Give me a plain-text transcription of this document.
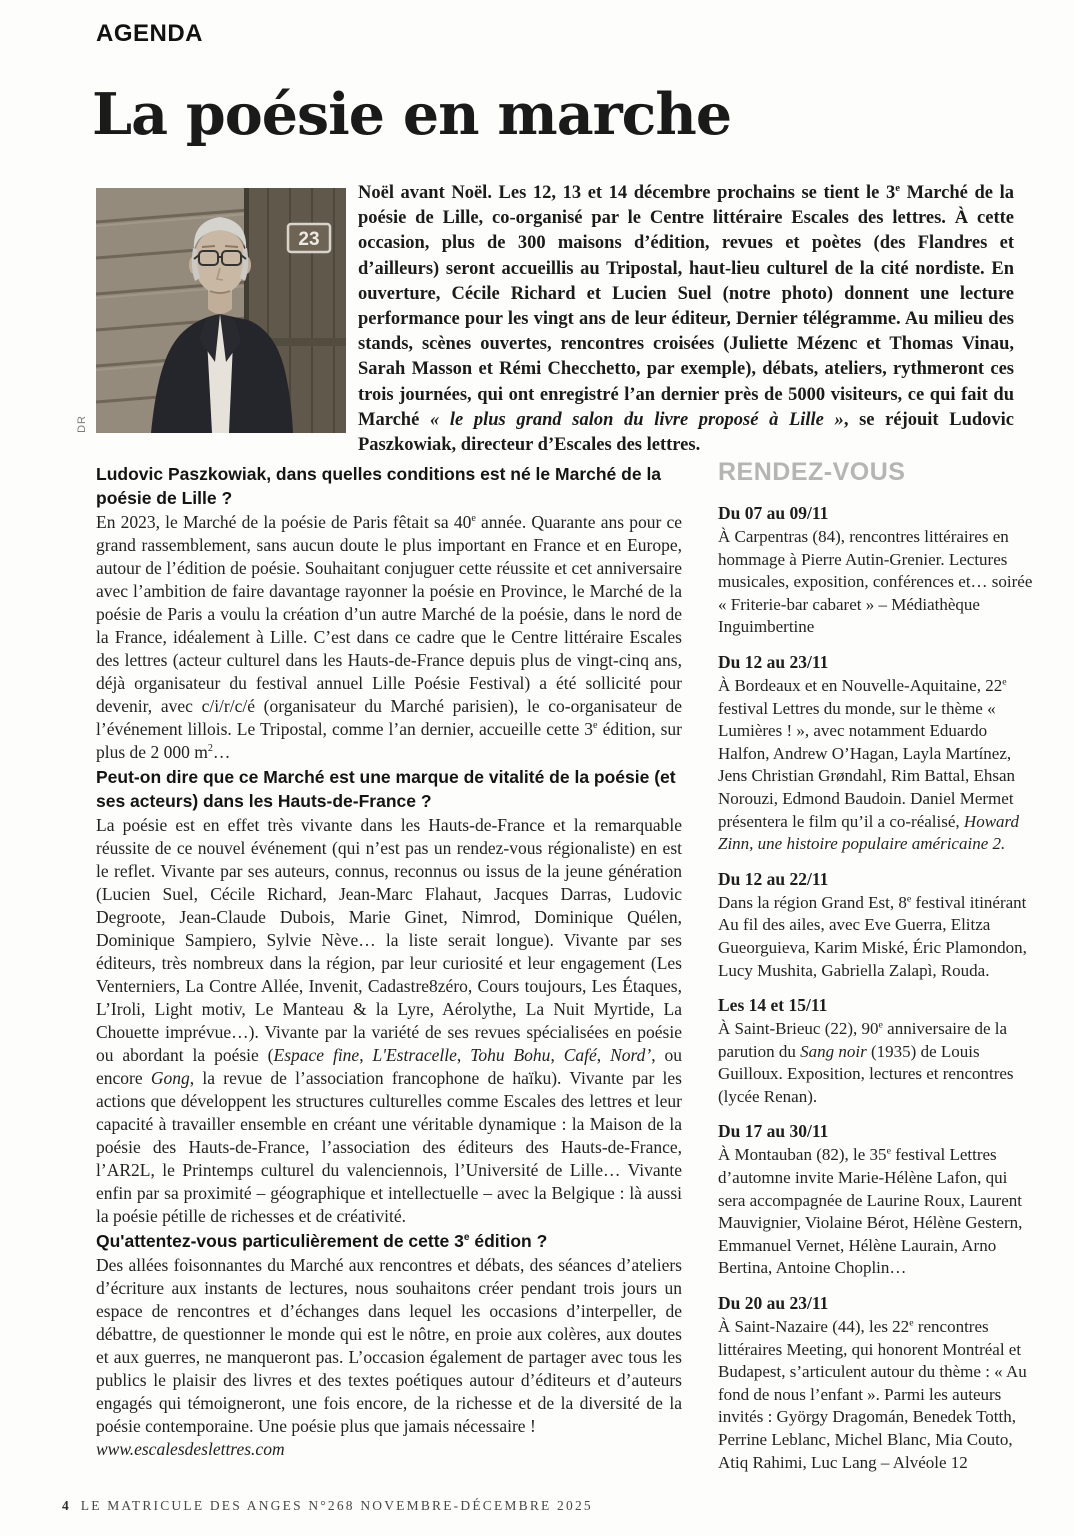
AGENDA
La poésie en marche
DR
23

Noël avant Noël. Les 12, 13 et 14 décembre prochains se tient le 3e Marché de la poésie de Lille, co-organisé par le Centre littéraire Escales des lettres. À cette occasion, plus de 300 maisons d’édition, revues et poètes (des Flandres et d’ailleurs) seront accueillis au Tripostal, haut-lieu culturel de la cité nordiste. En ouverture, Cécile Richard et Lucien Suel (notre photo) donnent une lecture performance pour les vingt ans de leur éditeur, Dernier télégramme. Au milieu des stands, scènes ouvertes, rencontres croisées (Juliette Mézenc et Thomas Vinau, Sarah Masson et Rémi Checchetto, par exemple), débats, ateliers, rythmeront ces trois journées, qui ont enregistré l’an dernier près de 5000 visiteurs, ce qui fait du Marché « le plus grand salon du livre proposé à Lille », se réjouit Ludovic Paszkowiak, directeur d’Escales des lettres.

Ludovic Paszkowiak, dans quelles conditions est né le Marché de la poésie de Lille ?

En 2023, le Marché de la poésie de Paris fêtait sa 40e année. Quarante ans pour ce grand rassemblement, sans aucun doute le plus important en France et en Europe, autour de l’édition de poésie. Souhaitant conjuguer cette réussite et cet anniversaire avec l’ambition de faire davantage rayonner la poésie en Province, le Marché de la poésie de Paris a voulu la création d’un autre Marché de la poésie, dans le nord de la France, idéalement à Lille. C’est dans ce cadre que le Centre littéraire Escales des lettres (acteur culturel dans les Hauts-de-France depuis plus de vingt-cinq ans, déjà organisateur du festival annuel Lille Poésie Festival) a été sollicité pour devenir, avec c/i/r/c/é (organisateur du Marché parisien), le co-organisateur de l’événement lillois. Le Tripostal, comme l’an dernier, accueille cette 3e édition, sur plus de 2 000 $m^2\dots$

Peut-on dire que ce Marché est une marque de vitalité de la poésie (et ses acteurs) dans les Hauts-de-France ?

La poésie est en effet très vivante dans les Hauts-de-France et la remarquable réussite de ce nouvel événement (qui n’est pas un rendez-vous régionaliste) en est le reflet. Vivante par ses auteurs, connus, reconnus ou issus de la jeune génération (Lucien Suel, Cécile Richard, Jean-Marc Flahaut, Jacques Darras, Ludovic Degroote, Jean-Claude Dubois, Marie Ginet, Nimrod, Dominique Quélen, Dominique Sampiero, Sylvie Nève… la liste serait longue). Vivante par ses éditeurs, très nombreux dans la région, par leur curiosité et leur engagement (Les Venterniers, La Contre Allée, Invenit, Cadastre8zéro, Cours toujours, Les Étaques, L’Iroli, Light motiv, Le Manteau & la Lyre, Aérolythe, La Nuit Myrtide, La Chouette imprévue…). Vivante par la variété de ses revues spécialisées en poésie ou abordant la poésie (Espace fine, L'Estracelle, Tohu Bohu, Café, Nord’, ou encore Gong, la revue de l’association francophone de haïku). Vivante par les actions que développent les structures culturelles comme Escales des lettres et leur capacité à travailler ensemble en créant une véritable dynamique : la Maison de la poésie des Hauts-de-France, l’association des éditeurs des Hauts-de-France, l’AR2L, le Printemps culturel du valenciennois, l’Université de Lille… Vivante enfin par sa proximité – géographique et intellectuelle – avec la Belgique : là aussi la poésie pétille de richesses et de créativité.

Qu'attentez-vous particulièrement de cette 3e édition ?

Des allées foisonnantes du Marché aux rencontres et débats, des séances d’ateliers d’écriture aux instants de lectures, nous souhaitons créer pendant trois jours un espace de rencontres et d’échanges dans lequel les occasions d’interpeller, de débattre, de questionner le monde qui est le nôtre, en proie aux colères, aux doutes et aux guerres, ne manqueront pas. L’occasion également de partager avec tous les publics le plaisir des livres et des textes poétiques autour d’éditeurs et d’auteurs engagés qui témoigneront, une fois encore, de la richesse et de la diversité de la poésie contemporaine. Une poésie plus que jamais nécessaire !

www.escalesdeslettres.com

RENDEZ-VOUS
Du 07 au 09/11

À Carpentras (84), rencontres littéraires en hommage à Pierre Autin-Grenier. Lectures musicales, exposition, conférences et… soirée « Friterie-bar cabaret » – Médiathèque Inguimbertine

Du 12 au 23/11

À Bordeaux et en Nouvelle-Aquitaine, 22e festival Lettres du monde, sur le thème « Lumières ! », avec notamment Eduardo Halfon, Andrew O’Hagan, Layla Martínez, Jens Christian Grøndahl, Rim Battal, Ehsan Norouzi, Edmond Baudoin. Daniel Mermet présentera le film qu’il a co-réalisé, Howard Zinn, une histoire populaire américaine 2.

Du 12 au 22/11

Dans la région Grand Est, 8e festival itinérant Au fil des ailes, avec Eve Guerra, Elitza Gueorguieva, Karim Miské, Éric Plamondon, Lucy Mushita, Gabriella Zalapì, Rouda.

Les 14 et 15/11

À Saint-Brieuc (22), 90e anniversaire de la parution du Sang noir (1935) de Louis Guilloux. Exposition, lectures et rencontres (lycée Renan).

Du 17 au 30/11

À Montauban (82), le 35e festival Lettres d’automne invite Marie-Hélène Lafon, qui sera accompagnée de Laurine Roux, Laurent Mauvignier, Violaine Bérot, Hélène Gestern, Emmanuel Vernet, Hélène Laurain, Arno Bertina, Antoine Choplin…

Du 20 au 23/11

À Saint-Nazaire (44), les 22e rencontres littéraires Meeting, qui honorent Montréal et Budapest, s’articulent autour du thème : « Au fond de nous l’enfant ». Parmi les auteurs invités : György Dragomán, Benedek Totth, Perrine Leblanc, Michel Blanc, Mia Couto, Atiq Rahimi, Luc Lang – Alvéole 12

4 LE MATRICULE DES ANGES N°268 NOVEMBRE-DÉCEMBRE 2025
